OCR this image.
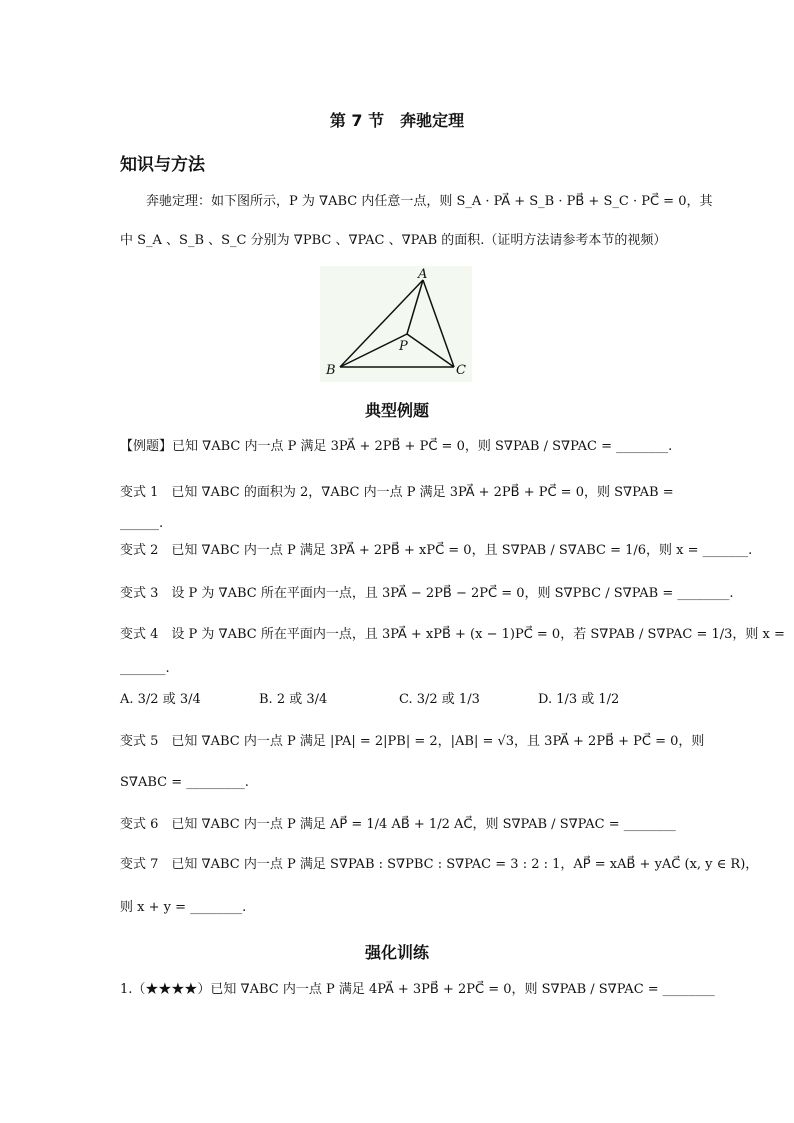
第 7 节　奔驰定理
知识与方法
奔驰定理：如下图所示，P 为 ∇ABC 内任意一点，则 S_A · PA⃗ + S_B · PB⃗ + S_C · PC⃗ = 0，其
中 S_A 、S_B 、S_C 分别为 ∇PBC 、∇PAC 、∇PAB 的面积.（证明方法请参考本节的视频）
A
B	C
P
典型例题
【例题】已知 ∇ABC 内一点 P 满足 3PA⃗ + 2PB⃗ + PC⃗ = 0，则 S∇PAB / S∇PAC = ________.
变式 1　已知 ∇ABC 的面积为 2，∇ABC 内一点 P 满足 3PA⃗ + 2PB⃗ + PC⃗ = 0，则 S∇PAB =
______.
变式 2　已知 ∇ABC 内一点 P 满足 3PA⃗ + 2PB⃗ + xPC⃗ = 0，且 S∇PAB / S∇ABC = 1/6，则 x = _______.
变式 3　设 P 为 ∇ABC 所在平面内一点，且 3PA⃗ − 2PB⃗ − 2PC⃗ = 0，则 S∇PBC / S∇PAB = ________.
变式 4　设 P 为 ∇ABC 所在平面内一点，且 3PA⃗ + xPB⃗ + (x − 1)PC⃗ = 0，若 S∇PAB / S∇PAC = 1/3，则 x =
_______.
A. 3/2 或 3/4	B. 2 或 3/4	C. 3/2 或 1/3	D. 1/3 或 1/2
变式 5　已知 ∇ABC 内一点 P 满足 |PA| = 2|PB| = 2，|AB| = √3，且 3PA⃗ + 2PB⃗ + PC⃗ = 0，则
S∇ABC = _________.
变式 6　已知 ∇ABC 内一点 P 满足 AP⃗ = 1/4 AB⃗ + 1/2 AC⃗，则 S∇PAB / S∇PAC = ________
变式 7　已知 ∇ABC 内一点 P 满足 S∇PAB : S∇PBC : S∇PAC = 3 : 2 : 1，AP⃗ = xAB⃗ + yAC⃗ (x, y ∈ R)，
则 x + y = ________.
强化训练
1.（★★★★）已知 ∇ABC 内一点 P 满足 4PA⃗ + 3PB⃗ + 2PC⃗ = 0，则 S∇PAB / S∇PAC = ________
